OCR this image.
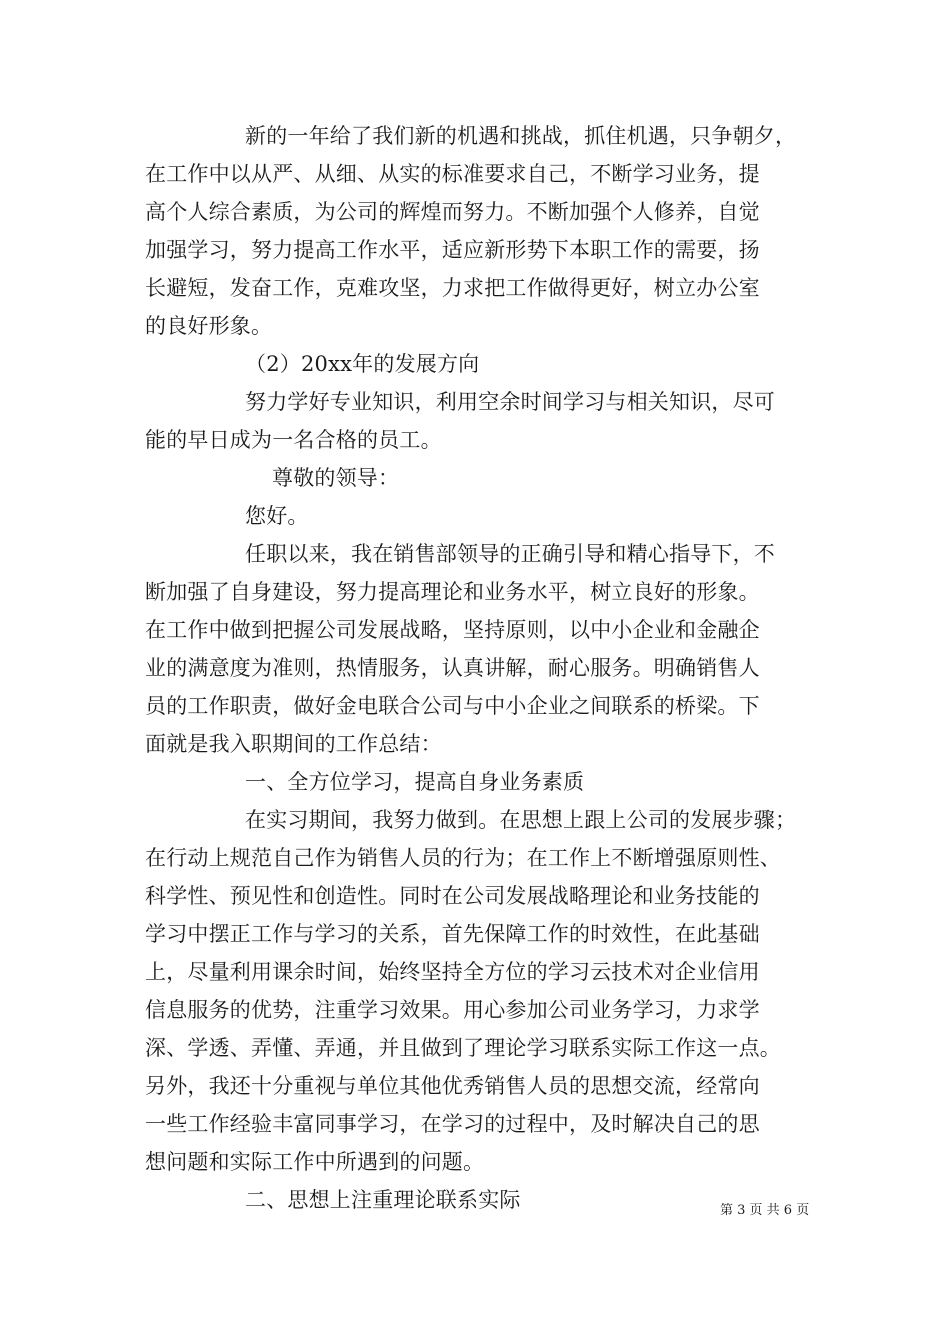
新的一年给了我们新的机遇和挑战，抓住机遇，只争朝夕，
在工作中以从严、从细、从实的标准要求自己，不断学习业务，提
高个人综合素质，为公司的辉煌而努力。不断加强个人修养，自觉
加强学习，努力提高工作水平，适应新形势下本职工作的需要，扬
长避短，发奋工作，克难攻坚，力求把工作做得更好，树立办公室
的良好形象。
（2）20xx年的发展方向
努力学好专业知识，利用空余时间学习与相关知识，尽可
能的早日成为一名合格的员工。
尊敬的领导：
您好。
任职以来，我在销售部领导的正确引导和精心指导下，不
断加强了自身建设，努力提高理论和业务水平，树立良好的形象。
在工作中做到把握公司发展战略，坚持原则，以中小企业和金融企
业的满意度为准则，热情服务，认真讲解，耐心服务。明确销售人
员的工作职责，做好金电联合公司与中小企业之间联系的桥梁。下
面就是我入职期间的工作总结：
一、全方位学习，提高自身业务素质
在实习期间，我努力做到。在思想上跟上公司的发展步骤；
在行动上规范自己作为销售人员的行为；在工作上不断增强原则性、
科学性、预见性和创造性。同时在公司发展战略理论和业务技能的
学习中摆正工作与学习的关系，首先保障工作的时效性，在此基础
上，尽量利用课余时间，始终坚持全方位的学习云技术对企业信用
信息服务的优势，注重学习效果。用心参加公司业务学习，力求学
深、学透、弄懂、弄通，并且做到了理论学习联系实际工作这一点。
另外，我还十分重视与单位其他优秀销售人员的思想交流，经常向
一些工作经验丰富同事学习，在学习的过程中，及时解决自己的思
想问题和实际工作中所遇到的问题。
二、思想上注重理论联系实际	第 3 页 共 6 页
